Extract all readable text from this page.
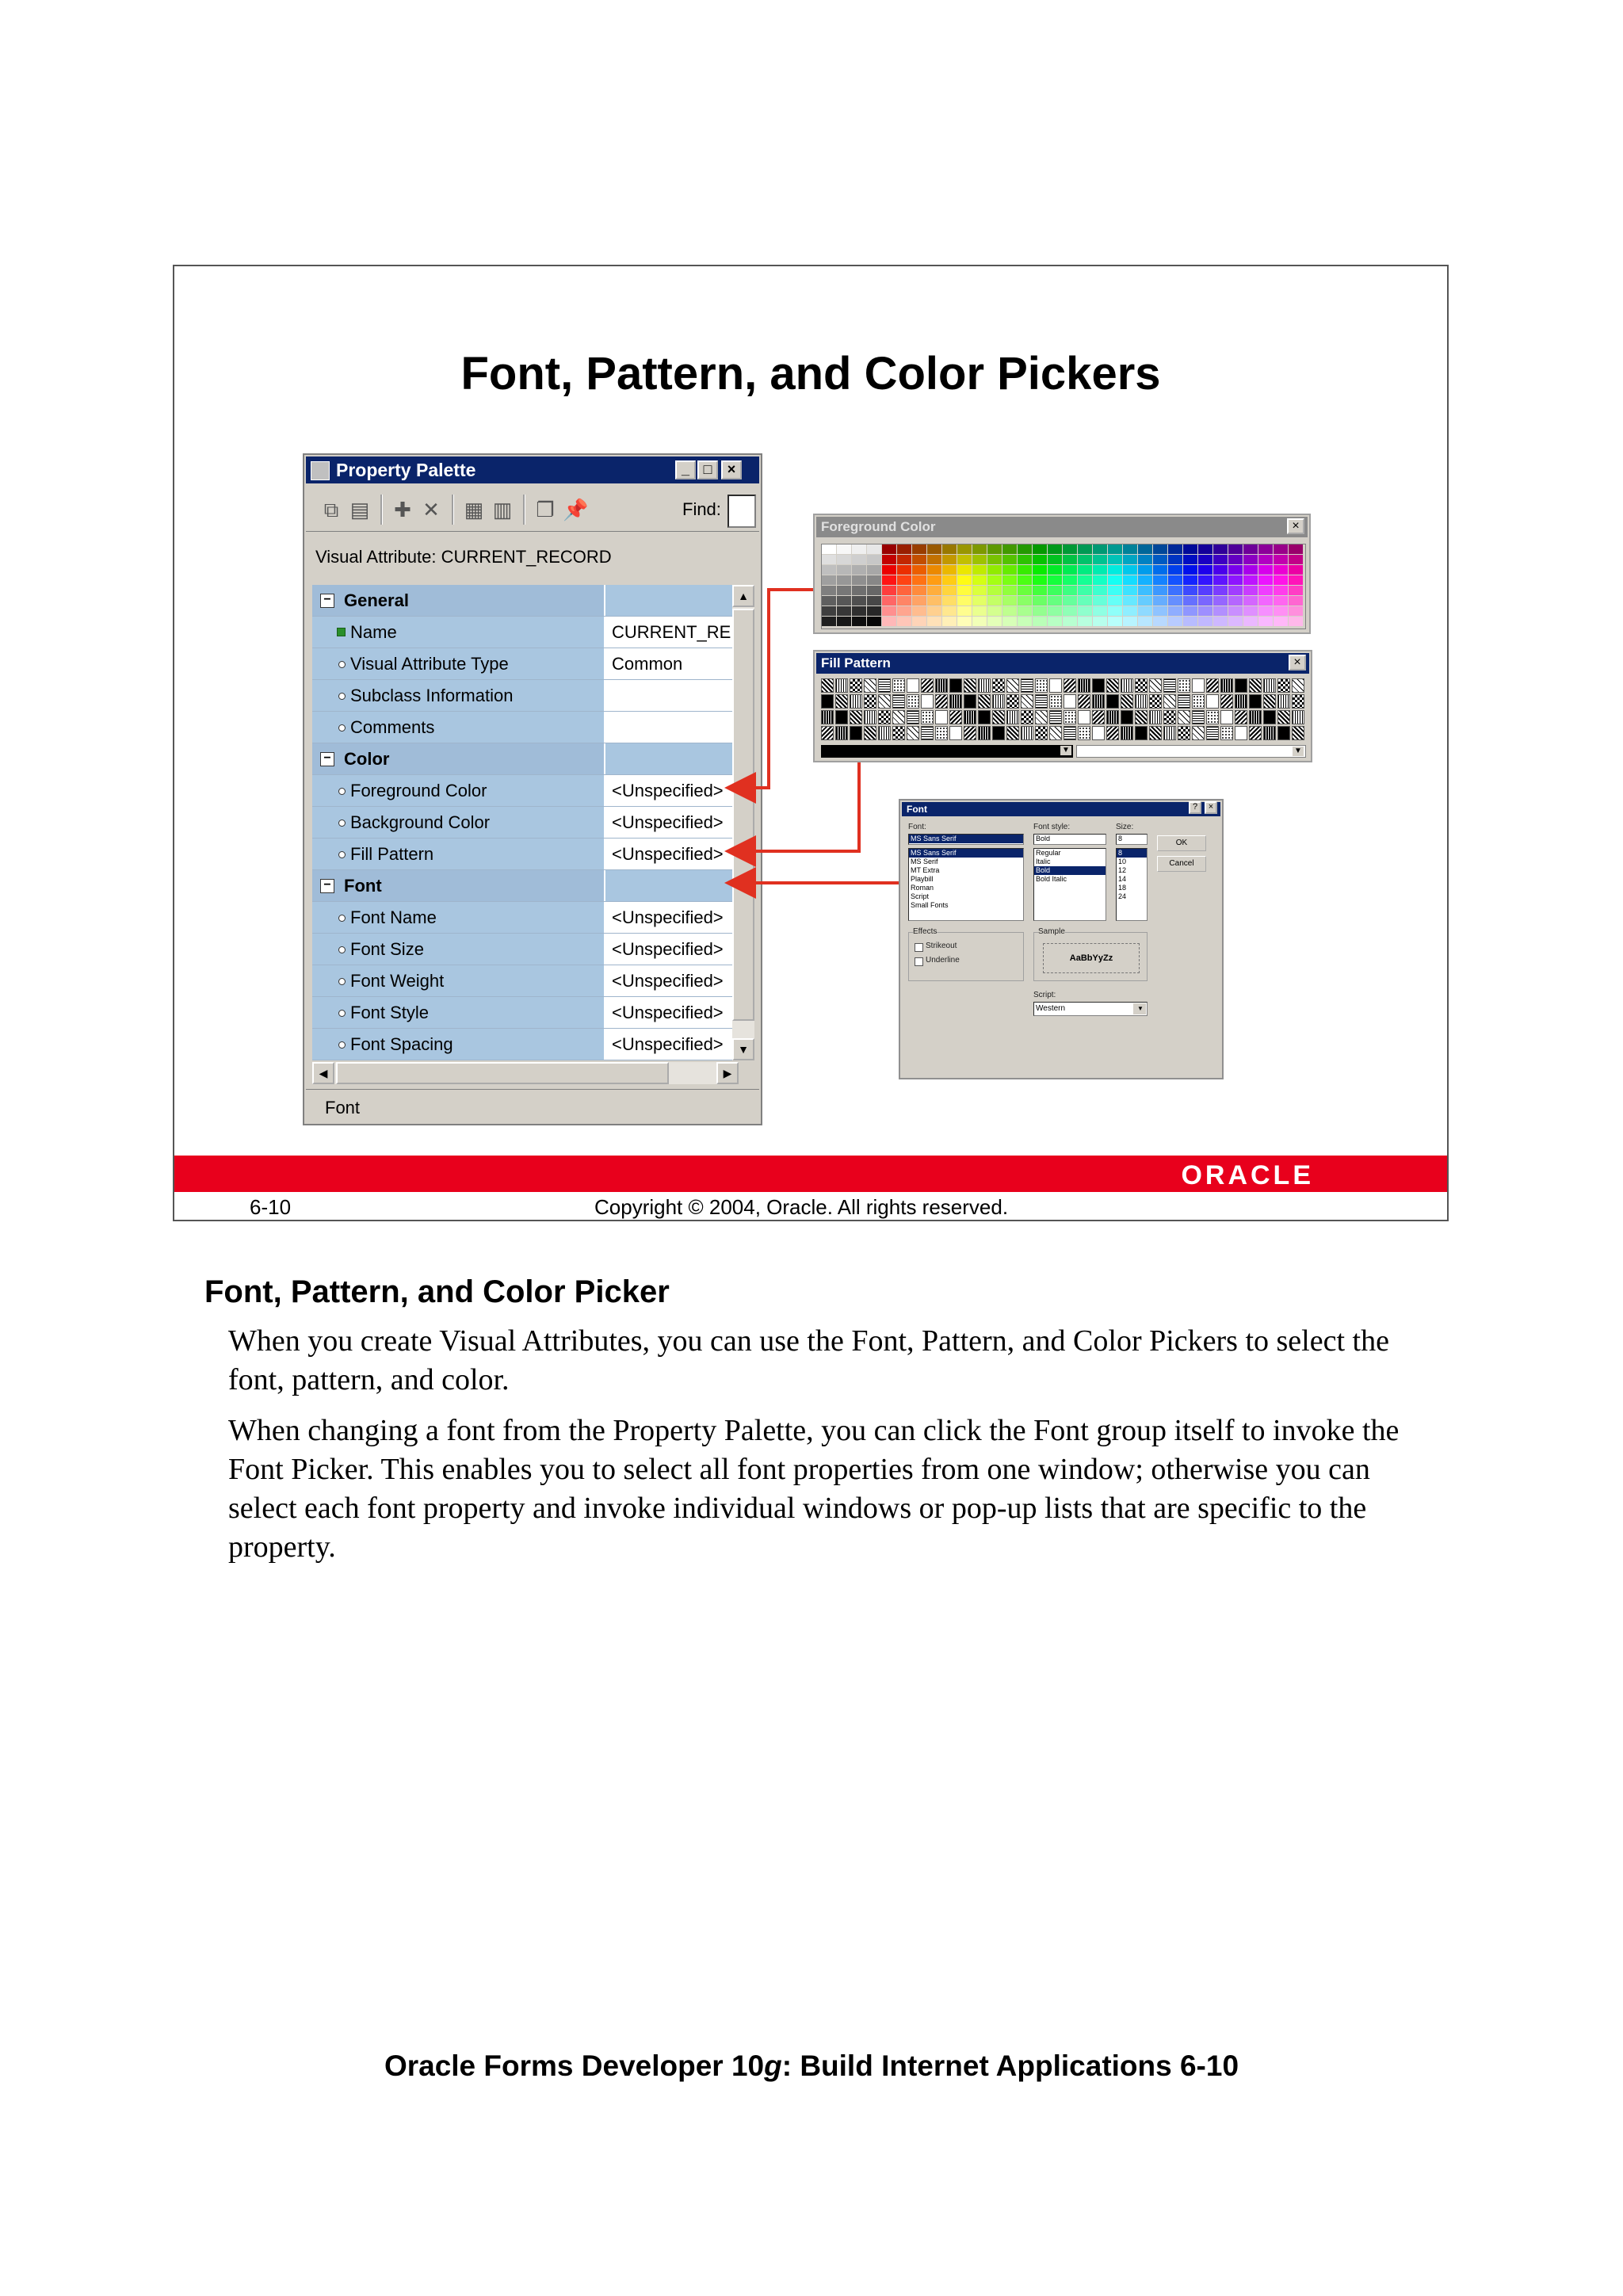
Font, Pattern, and Color Pickers
Property Palette	_ □	×
⧉ ▤ ✚ ✕ ▦ ▥ ❐ 📌	Find:
Visual Attribute: CURRENT_RECORD
− General
Name	CURRENT_RE
Visual Attribute Type	Common
Subclass Information
Comments
− Color
Foreground Color	<Unspecified>
Background Color	<Unspecified>
Fill Pattern	<Unspecified>
− Font
Font Name	<Unspecified>
Font Size	<Unspecified>
Font Weight	<Unspecified>
Font Style	<Unspecified>
Font Spacing	<Unspecified>
▲
▼
◀	▶
Font
Foreground Color	×
Fill Pattern	×
▼	▼
Font	×
?
Font:
MS Sans Serif
MS Sans Serif
MS Serif
MT Extra
Playbill
Roman
Script
Small Fonts
Font style:
Bold
Regular
Italic
Bold
Bold Italic
Size:
8
8
10
12
14
18
24
OK
Cancel
Effects
Strikeout
Underline
Sample
AaBbYyZz
Script:
Western	▼
ORACLE
6-10	Copyright © 2004, Oracle. All rights reserved.
Font, Pattern, and Color Picker
When you create Visual Attributes, you can use the Font, Pattern, and Color Pickers to select the font, pattern, and color.
When changing a font from the Property Palette, you can click the Font group itself to invoke the Font Picker. This enables you to select all font properties from one window; otherwise you can select each font property and invoke individual windows or pop-up lists that are specific to the property.
Oracle Forms Developer 10g: Build Internet Applications 6-10
